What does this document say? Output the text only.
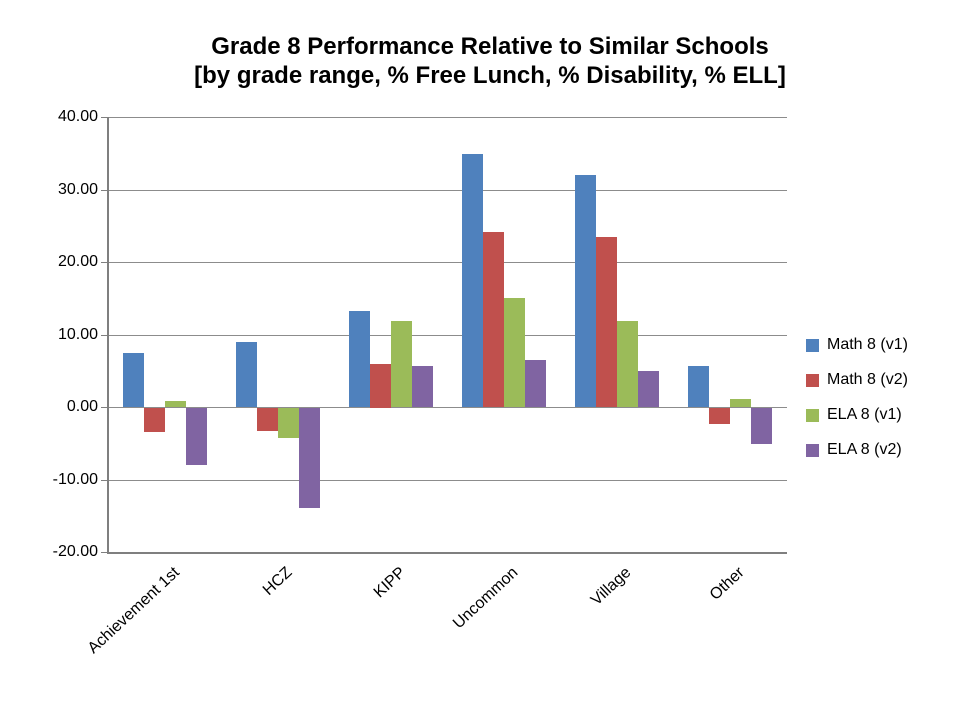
Grade 8 Performance Relative to Similar Schools
[by grade range, % Free Lunch, % Disability, % ELL]
Math 8 (v1)
Math 8 (v2)
ELA 8 (v1)
ELA 8 (v2)
40.00
30.00
20.00
10.00
0.00
-10.00
-20.00
Achievement 1st	HCZ	KIPP	Uncommon	Village	Other
